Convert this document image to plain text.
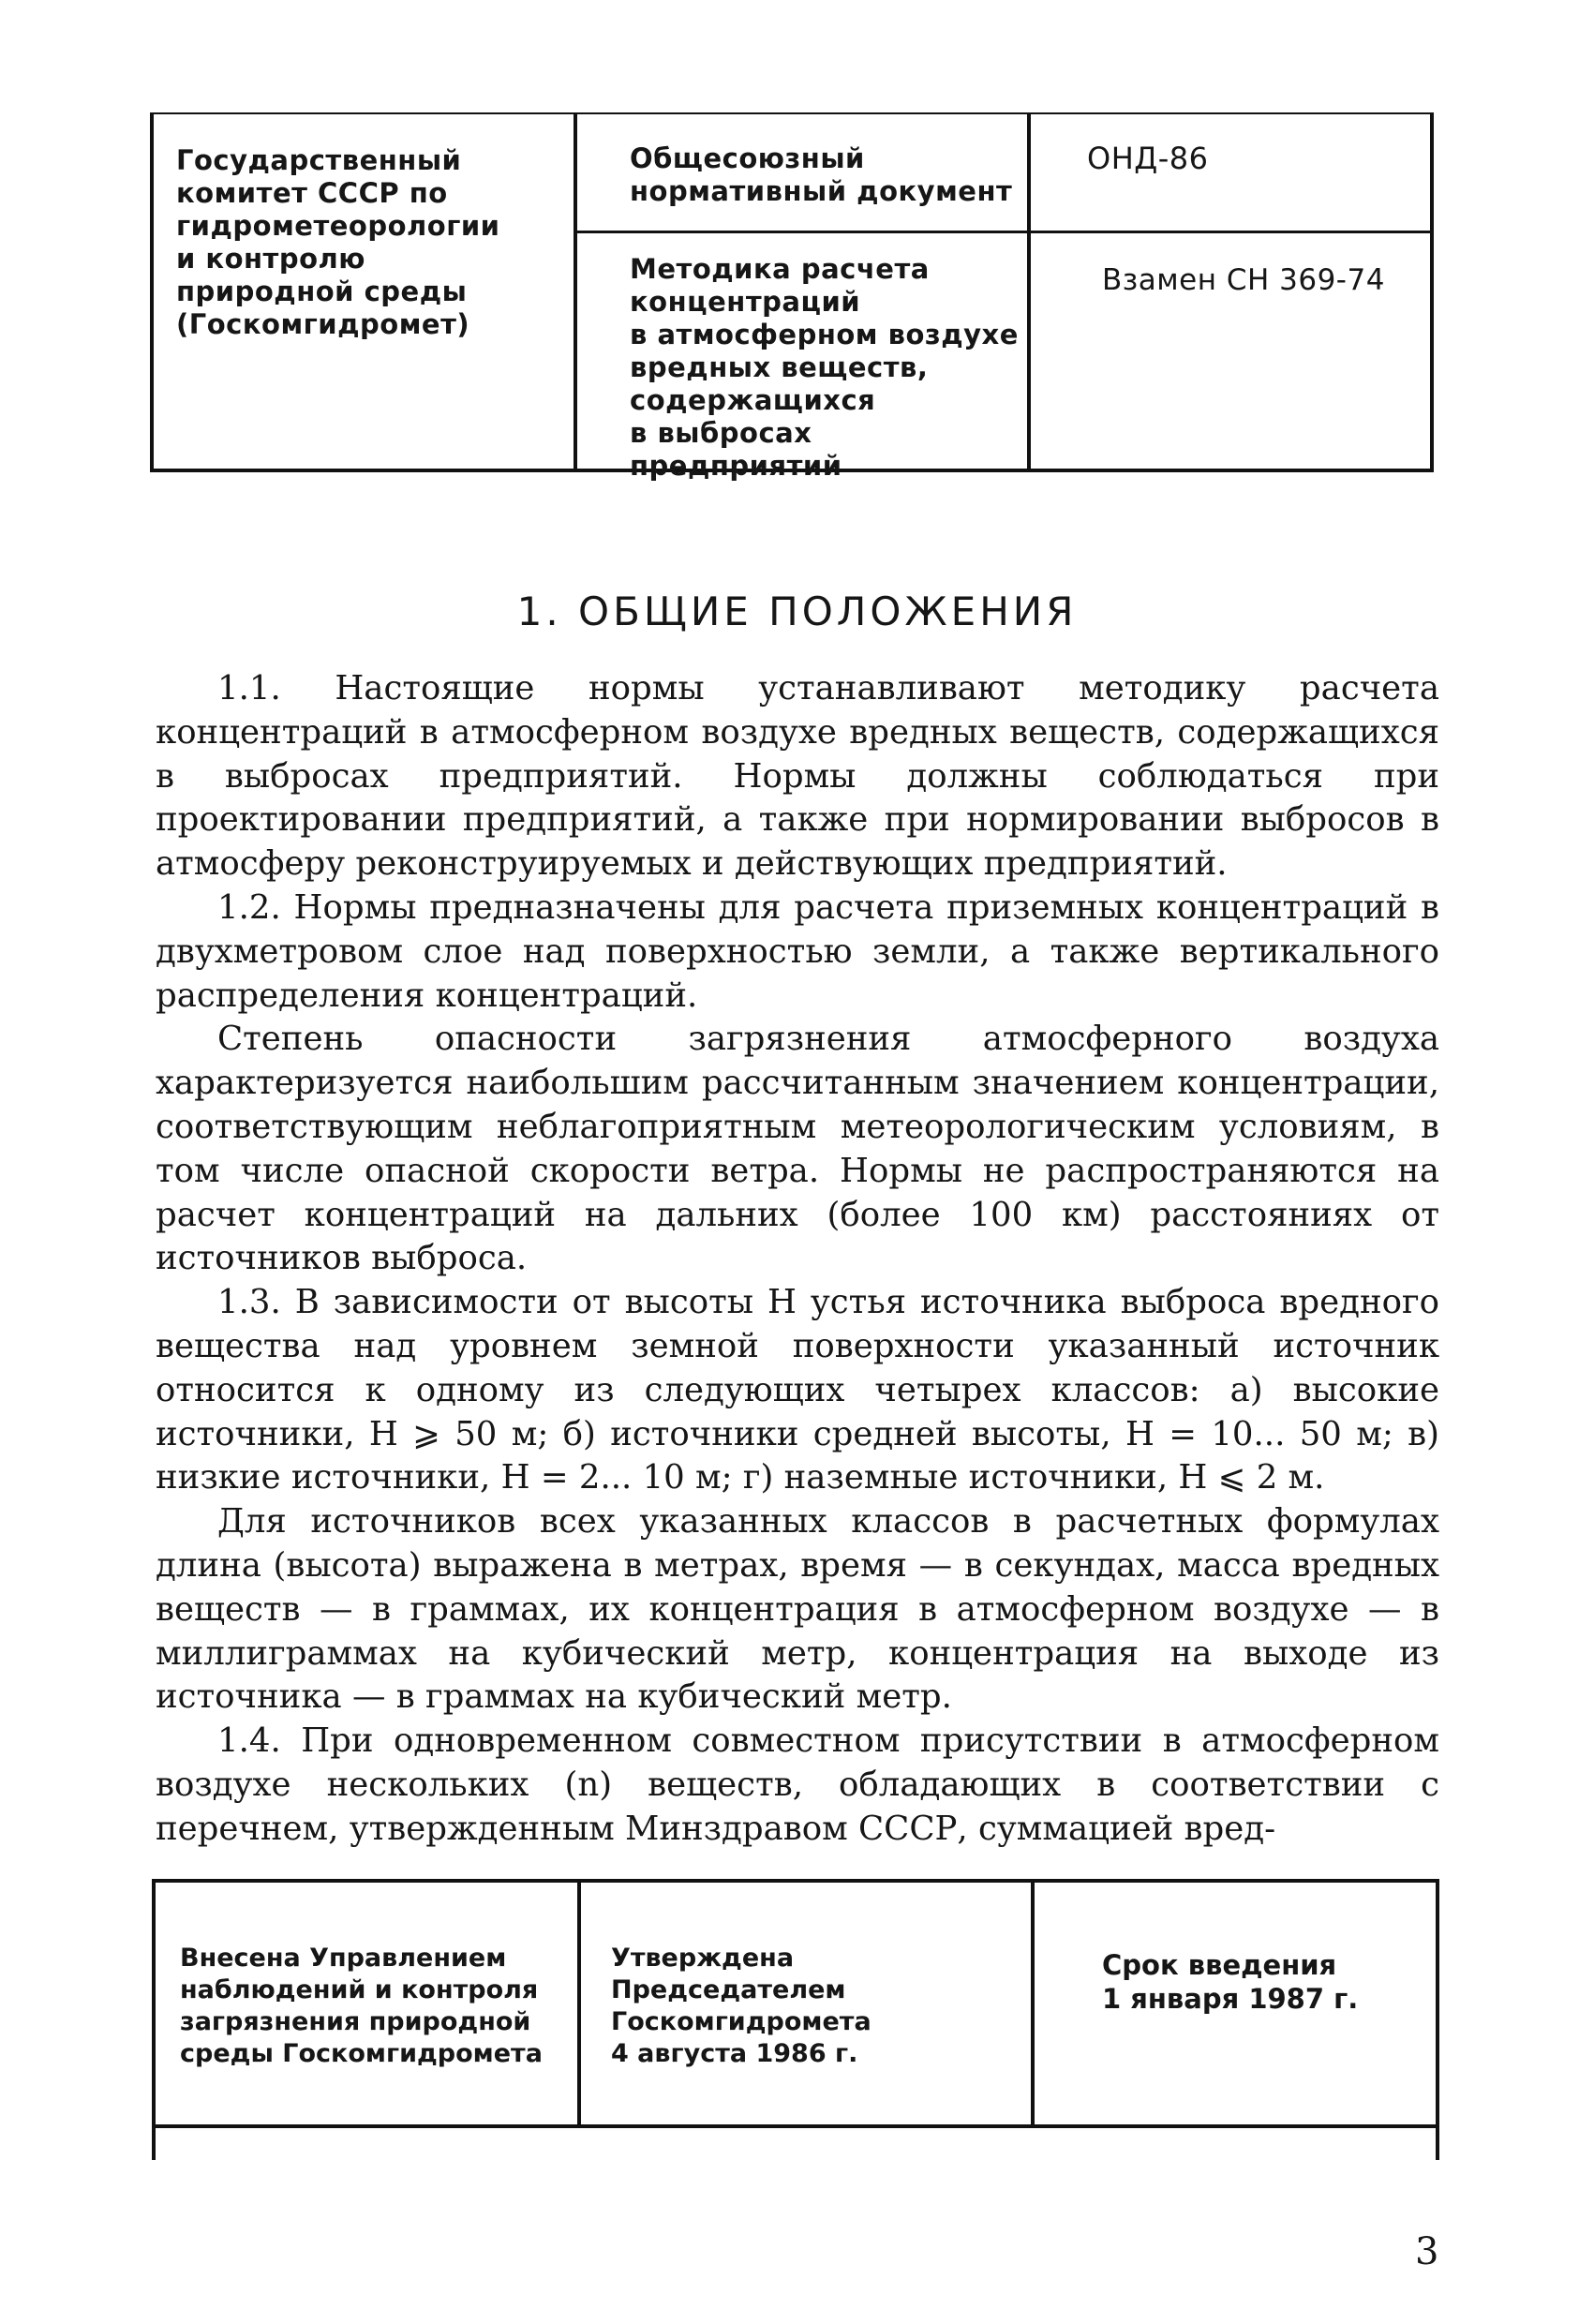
Государственный
комитет СССР по
гидрометеорологии
и контролю
природной среды
(Госкомгидромет)
Общесоюзный
нормативный документ
Методика расчета
концентраций
в атмосферном воздухе
вредных веществ,
содержащихся
в выбросах предприятий
ОНД-86
Взамен СН 369-74
1. ОБЩИЕ ПОЛОЖЕНИЯ

1.1. Настоящие нормы устанавливают методику расчета концентраций в атмосферном воздухе вредных веществ, содержащихся в выбросах предприятий. Нормы должны соблюдаться при проектировании предприятий, а также при нормировании выбросов в атмосферу реконструируемых и действующих предприятий.

1.2. Нормы предназначены для расчета приземных концентраций в двухметровом слое над поверхностью земли, а также вертикального распределения концентраций.

Степень опасности загрязнения атмосферного воздуха характеризуется наибольшим рассчитанным значением концентрации, соответствующим неблагоприятным метеорологическим условиям, в том числе опасной скорости ветра. Нормы не распространяются на расчет концентраций на дальних (более 100 км) расстояниях от источников выброса.

1.3. В зависимости от высоты H устья источника выброса вредного вещества над уровнем земной поверхности указанный источник относится к одному из следующих четырех классов: а) высокие источники, H ⩾ 50 м; б) источники средней высоты, H = 10... 50 м; в) низкие источники, H = 2... 10 м; г) наземные источники, H ⩽ 2 м.

Для источников всех указанных классов в расчетных формулах длина (высота) выражена в метрах, время — в секундах, масса вредных веществ — в граммах, их концентрация в атмосферном воздухе — в миллиграммах на кубический метр, концентрация на выходе из источника — в граммах на кубический метр.

1.4. При одновременном совместном присутствии в атмосферном воздухе нескольких (n) веществ, обладающих в соответствии с перечнем, утвержденным Минздравом СССР, суммацией вред-

Внесена Управлением
наблюдений и контроля
загрязнения природной
среды Госкомгидромета
Утверждена
Председателем
Госкомгидромета
4 августа 1986 г.
Срок введения
1 января 1987 г.
3
